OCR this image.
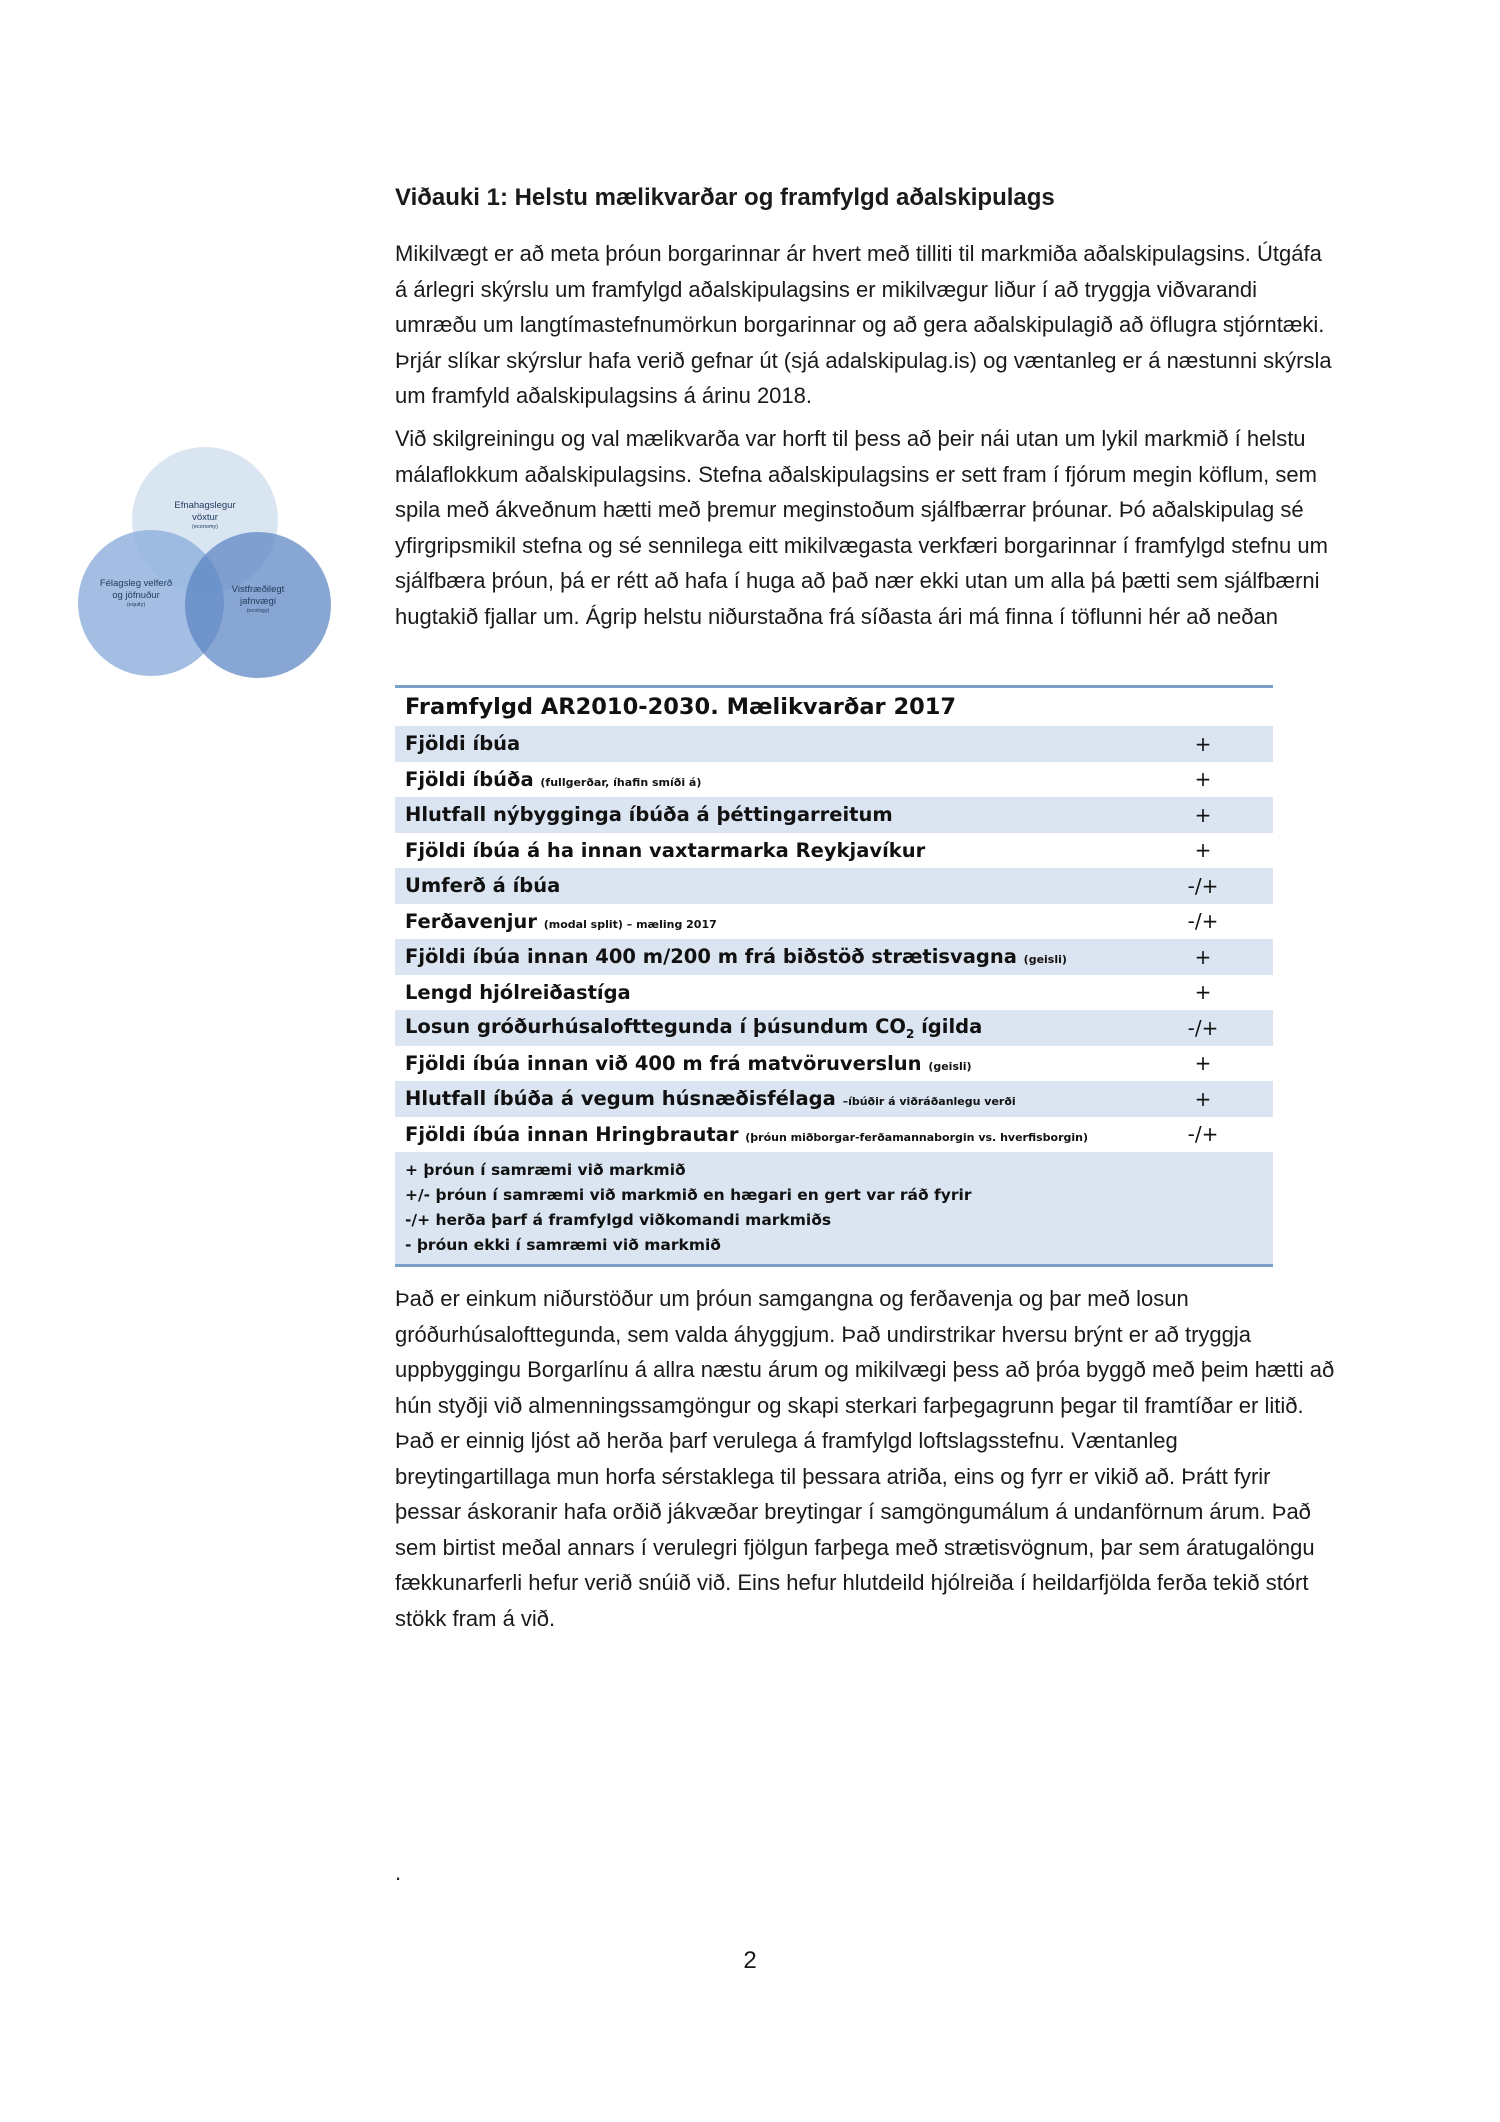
Viðauki 1: Helstu mælikvarðar og framfylgd aðalskipulags

Mikilvægt er að meta þróun borgarinnar ár hvert með tilliti til markmiða aðalskipulagsins. Útgáfa á árlegri skýrslu um framfylgd aðalskipulagsins er mikilvægur liður í að tryggja viðvarandi umræðu um langtímastefnumörkun borgarinnar og að gera aðalskipulagið að öflugra stjórntæki. Þrjár slíkar skýrslur hafa verið gefnar út (sjá adalskipulag.is) og væntanleg er á næstunni skýrsla um framfyld aðalskipulagsins á árinu 2018.

Við skilgreiningu og val mælikvarða var horft til þess að þeir nái utan um lykil markmið í helstu málaflokkum aðalskipulagsins. Stefna aðalskipulagsins er sett fram í fjórum megin köflum, sem spila með ákveðnum hætti með þremur meginstoðum sjálfbærrar þróunar. Þó aðalskipulag sé yfirgripsmikil stefna og sé sennilega eitt mikilvægasta verkfæri borgarinnar í framfylgd stefnu um sjálfbæra þróun, þá er rétt að hafa í huga að það nær ekki utan um alla þá þætti sem sjálfbærni hugtakið fjallar um. Ágrip helstu niðurstaðna frá síðasta ári má finna í töflunni hér að neðan

Efnahagslegur
vöxtur
(economy)
Félagsleg velferð
og jöfnuður
(equity)
Vistfræðilegt
jafnvægi
(ecology)
Framfylgd AR2010-2030. Mælikvarðar 2017	
Fjöldi íbúa	+
Fjöldi íbúða (fullgerðar, íhafin smíði á)	+
Hlutfall nýbygginga íbúða á þéttingarreitum	+
Fjöldi íbúa á ha innan vaxtarmarka Reykjavíkur	+
Umferð á íbúa	-/+
Ferðavenjur (modal split) – mæling 2017	-/+
Fjöldi íbúa innan 400 m/200 m frá biðstöð strætisvagna (geisli)	+
Lengd hjólreiðastíga	+
Losun gróðurhúsalofttegunda í þúsundum $CO_2$ ígilda	-/+
Fjöldi íbúa innan við 400 m frá matvöruverslun (geisli)	+
Hlutfall íbúða á vegum húsnæðisfélaga –íbúðir á viðráðanlegu verði	+
Fjöldi íbúa innan Hringbrautar (þróun miðborgar-ferðamannaborgin vs. hverfisborgin)	-/+

+ þróun í samræmi við markmið
+/- þróun í samræmi við markmið en hægari en gert var ráð fyrir
-/+ herða þarf á framfylgd viðkomandi markmiðs
- þróun ekki í samræmi við markmið	

Það er einkum niðurstöður um þróun samgangna og ferðavenja og þar með losun gróðurhúsalofttegunda, sem valda áhyggjum. Það undirstrikar hversu brýnt er að tryggja uppbyggingu Borgarlínu á allra næstu árum og mikilvægi þess að þróa byggð með þeim hætti að hún styðji við almenningssamgöngur og skapi sterkari farþegagrunn þegar til framtíðar er litið. Það er einnig ljóst að herða þarf verulega á framfylgd loftslagsstefnu. Væntanleg breytingartillaga mun horfa sérstaklega til þessara atriða, eins og fyrr er vikið að. Þrátt fyrir þessar áskoranir hafa orðið jákvæðar breytingar í samgöngumálum á undanförnum árum. Það sem birtist meðal annars í verulegri fjölgun farþega með strætisvögnum, þar sem áratugalöngu fækkunarferli hefur verið snúið við. Eins hefur hlutdeild hjólreiða í heildarfjölda ferða tekið stórt stökk fram á við.

.
2
